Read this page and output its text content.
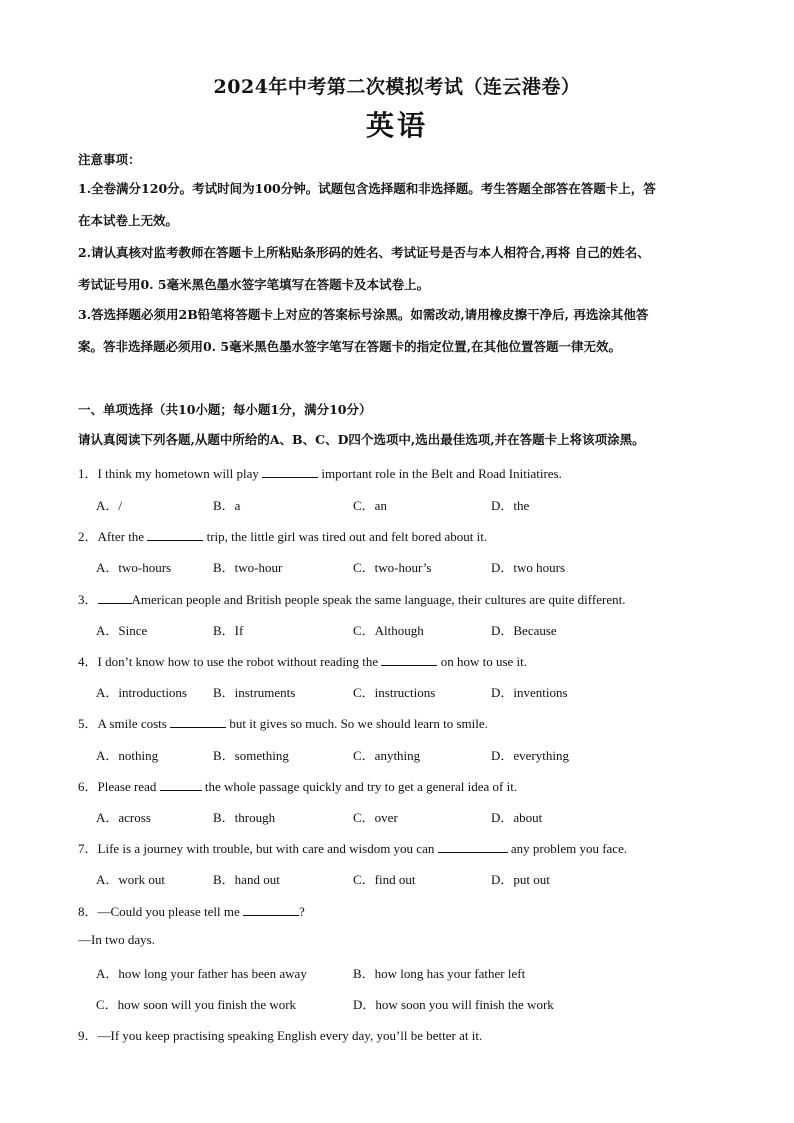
2024年中考第二次模拟考试（连云港卷）
英语
注意事项：
1.全卷满分120分。考试时间为100分钟。试题包含选择题和非选择题。考生答题全部答在答题卡上，答
在本试卷上无效。
2.请认真核对监考教师在答题卡上所粘贴条形码的姓名、考试证号是否与本人相符合,再将 自己的姓名、
考试证号用0. 5毫米黑色墨水签字笔填写在答题卡及本试卷上。
3.答选择题必须用2B铅笔将答题卡上对应的答案标号涂黑。如需改动,请用橡皮擦干净后, 再选涂其他答
案。答非选择题必须用0. 5毫米黑色墨水签字笔写在答题卡的指定位置,在其他位置答题一律无效。
一、单项选择（共10小题；每小题1分，满分10分）
请认真阅读下列各题,从题中所给的A、B、C、D四个选项中,选出最佳选项,并在答题卡上将该项涂黑。
1．I think my hometown will play	important role in the Belt and Road Initiatires.
A．/	B．a	C．an	D．the
2．After the	trip, the little girl was tired out and felt bored about it.
A．two-hours	B．two-hour	C．two-hour’s	D．two hours
3．	American people and British people speak the same language, their cultures are quite different.
A．Since	B．If	C．Although	D．Because
4．I don’t know how to use the robot without reading the	on how to use it.
A．introductions B．instruments	C．instructions	D．inventions
5．A smile costs	but it gives so much. So we should learn to smile.
A．nothing	B．something	C．anything	D．everything
6．Please read	the whole passage quickly and try to get a general idea of it.
A．across	B．through	C．over	D．about
7．Life is a journey with trouble, but with care and wisdom you can	any problem you face.
A．work out	B．hand out	C．find out	D．put out
8．—Could you please tell me	?
—In two days.
A．how long your father has been away	B．how long has your father left
C．how soon will you finish the work	D．how soon you will finish the work
9．—If you keep practising speaking English every day, you’ll be better at it.
